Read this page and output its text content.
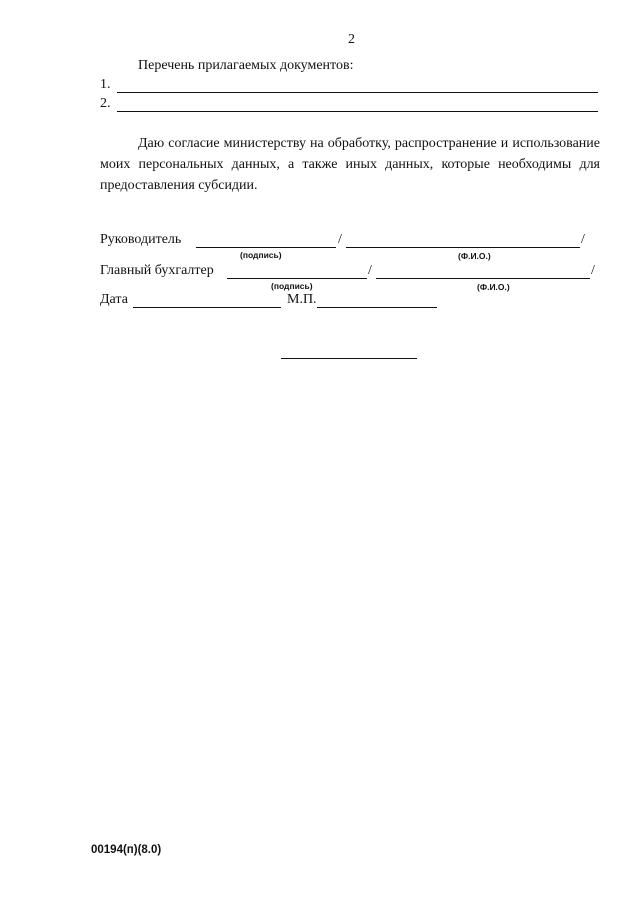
2
Перечень прилагаемых документов:
1.
2.
Даю согласие министерству на обработку, распространение и использование моих персональных данных, а также иных данных, которые необходимы для предоставления субсидии.
Руководитель	/	/
(подпись)	(Ф.И.О.)
Главный бухгалтер	/	/
(подпись)	(Ф.И.О.)
Дата	М.П.
00194(п)(8.0)
